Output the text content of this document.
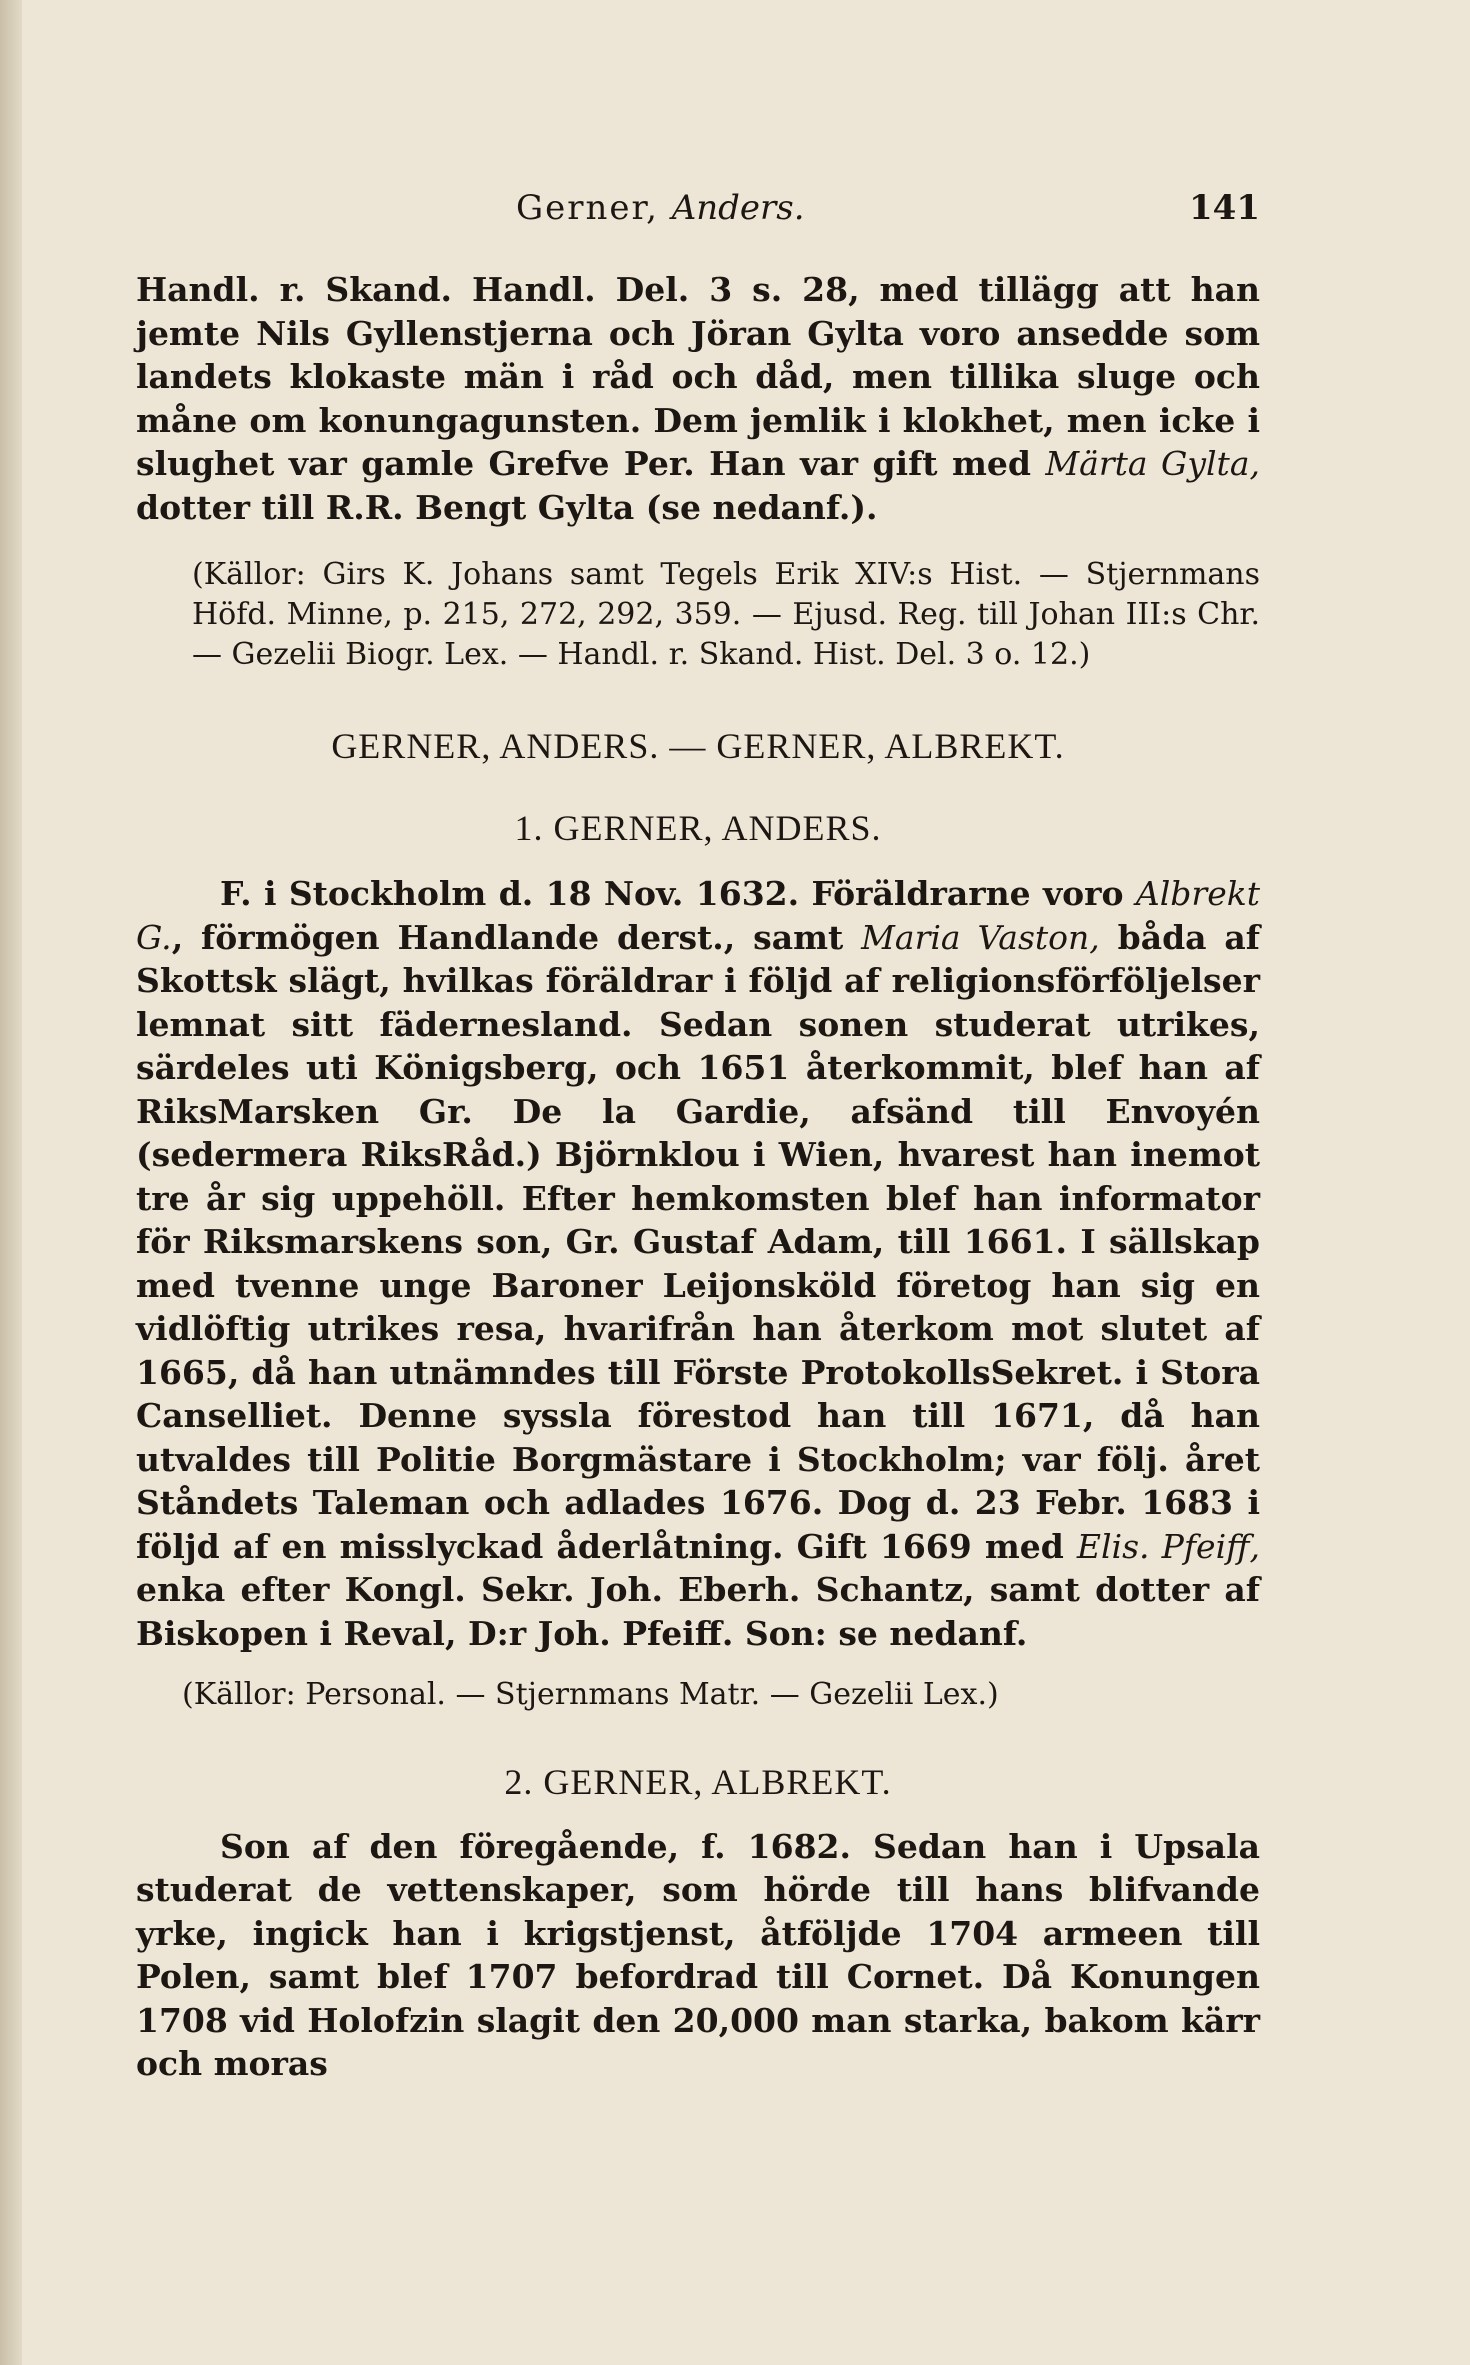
Gerner, Anders.	141

Handl. r. Skand. Handl. Del. 3 s. 28, med tillägg att han jemte Nils Gyllenstjerna och Jöran Gylta voro ansedde som landets klokaste män i råd och dåd, men tillika sluge och måne om konungagunsten. Dem jemlik i klokhet, men icke i slughet var gamle Grefve Per. Han var gift med Märta Gylta, dotter till R.R. Bengt Gylta (se nedanf.).

(Källor: Girs K. Johans samt Tegels Erik XIV:s Hist. — Stjernmans Höfd. Minne, p. 215, 272, 292, 359. — Ejusd. Reg. till Johan III:s Chr. — Gezelii Biogr. Lex. — Handl. r. Skand. Hist. Del. 3 o. 12.)

GERNER, ANDERS. — GERNER, ALBREKT.

1. GERNER, ANDERS.

F. i Stockholm d. 18 Nov. 1632. Föräldrarne voro Albrekt G., förmögen Handlande derst., samt Maria Vaston, båda af Skottsk slägt, hvilkas föräldrar i följd af religionsförföljelser lemnat sitt fädernesland. Sedan sonen studerat utrikes, särdeles uti Königsberg, och 1651 återkommit, blef han af RiksMarsken Gr. De la Gardie, afsänd till Envoyén (sedermera RiksRåd.) Björnklou i Wien, hvarest han inemot tre år sig uppehöll. Efter hemkomsten blef han informator för Riksmarskens son, Gr. Gustaf Adam, till 1661. I sällskap med tvenne unge Baroner Leijonsköld företog han sig en vidlöftig utrikes resa, hvarifrån han återkom mot slutet af 1665, då han utnämndes till Förste ProtokollsSekret. i Stora Canselliet. Denne syssla förestod han till 1671, då han utvaldes till Politie Borgmästare i Stockholm; var följ. året Ståndets Taleman och adlades 1676. Dog d. 23 Febr. 1683 i följd af en misslyckad åderlåtning. Gift 1669 med Elis. Pfeiff, enka efter Kongl. Sekr. Joh. Eberh. Schantz, samt dotter af Biskopen i Reval, D:r Joh. Pfeiff. Son: se nedanf.

(Källor: Personal. — Stjernmans Matr. — Gezelii Lex.)

2. GERNER, ALBREKT.

Son af den föregående, f. 1682. Sedan han i Upsala studerat de vettenskaper, som hörde till hans blifvande yrke, ingick han i krigstjenst, åtföljde 1704 armeen till Polen, samt blef 1707 befordrad till Cornet. Då Konungen 1708 vid Holofzin slagit den 20,000 man starka, bakom kärr och moras
